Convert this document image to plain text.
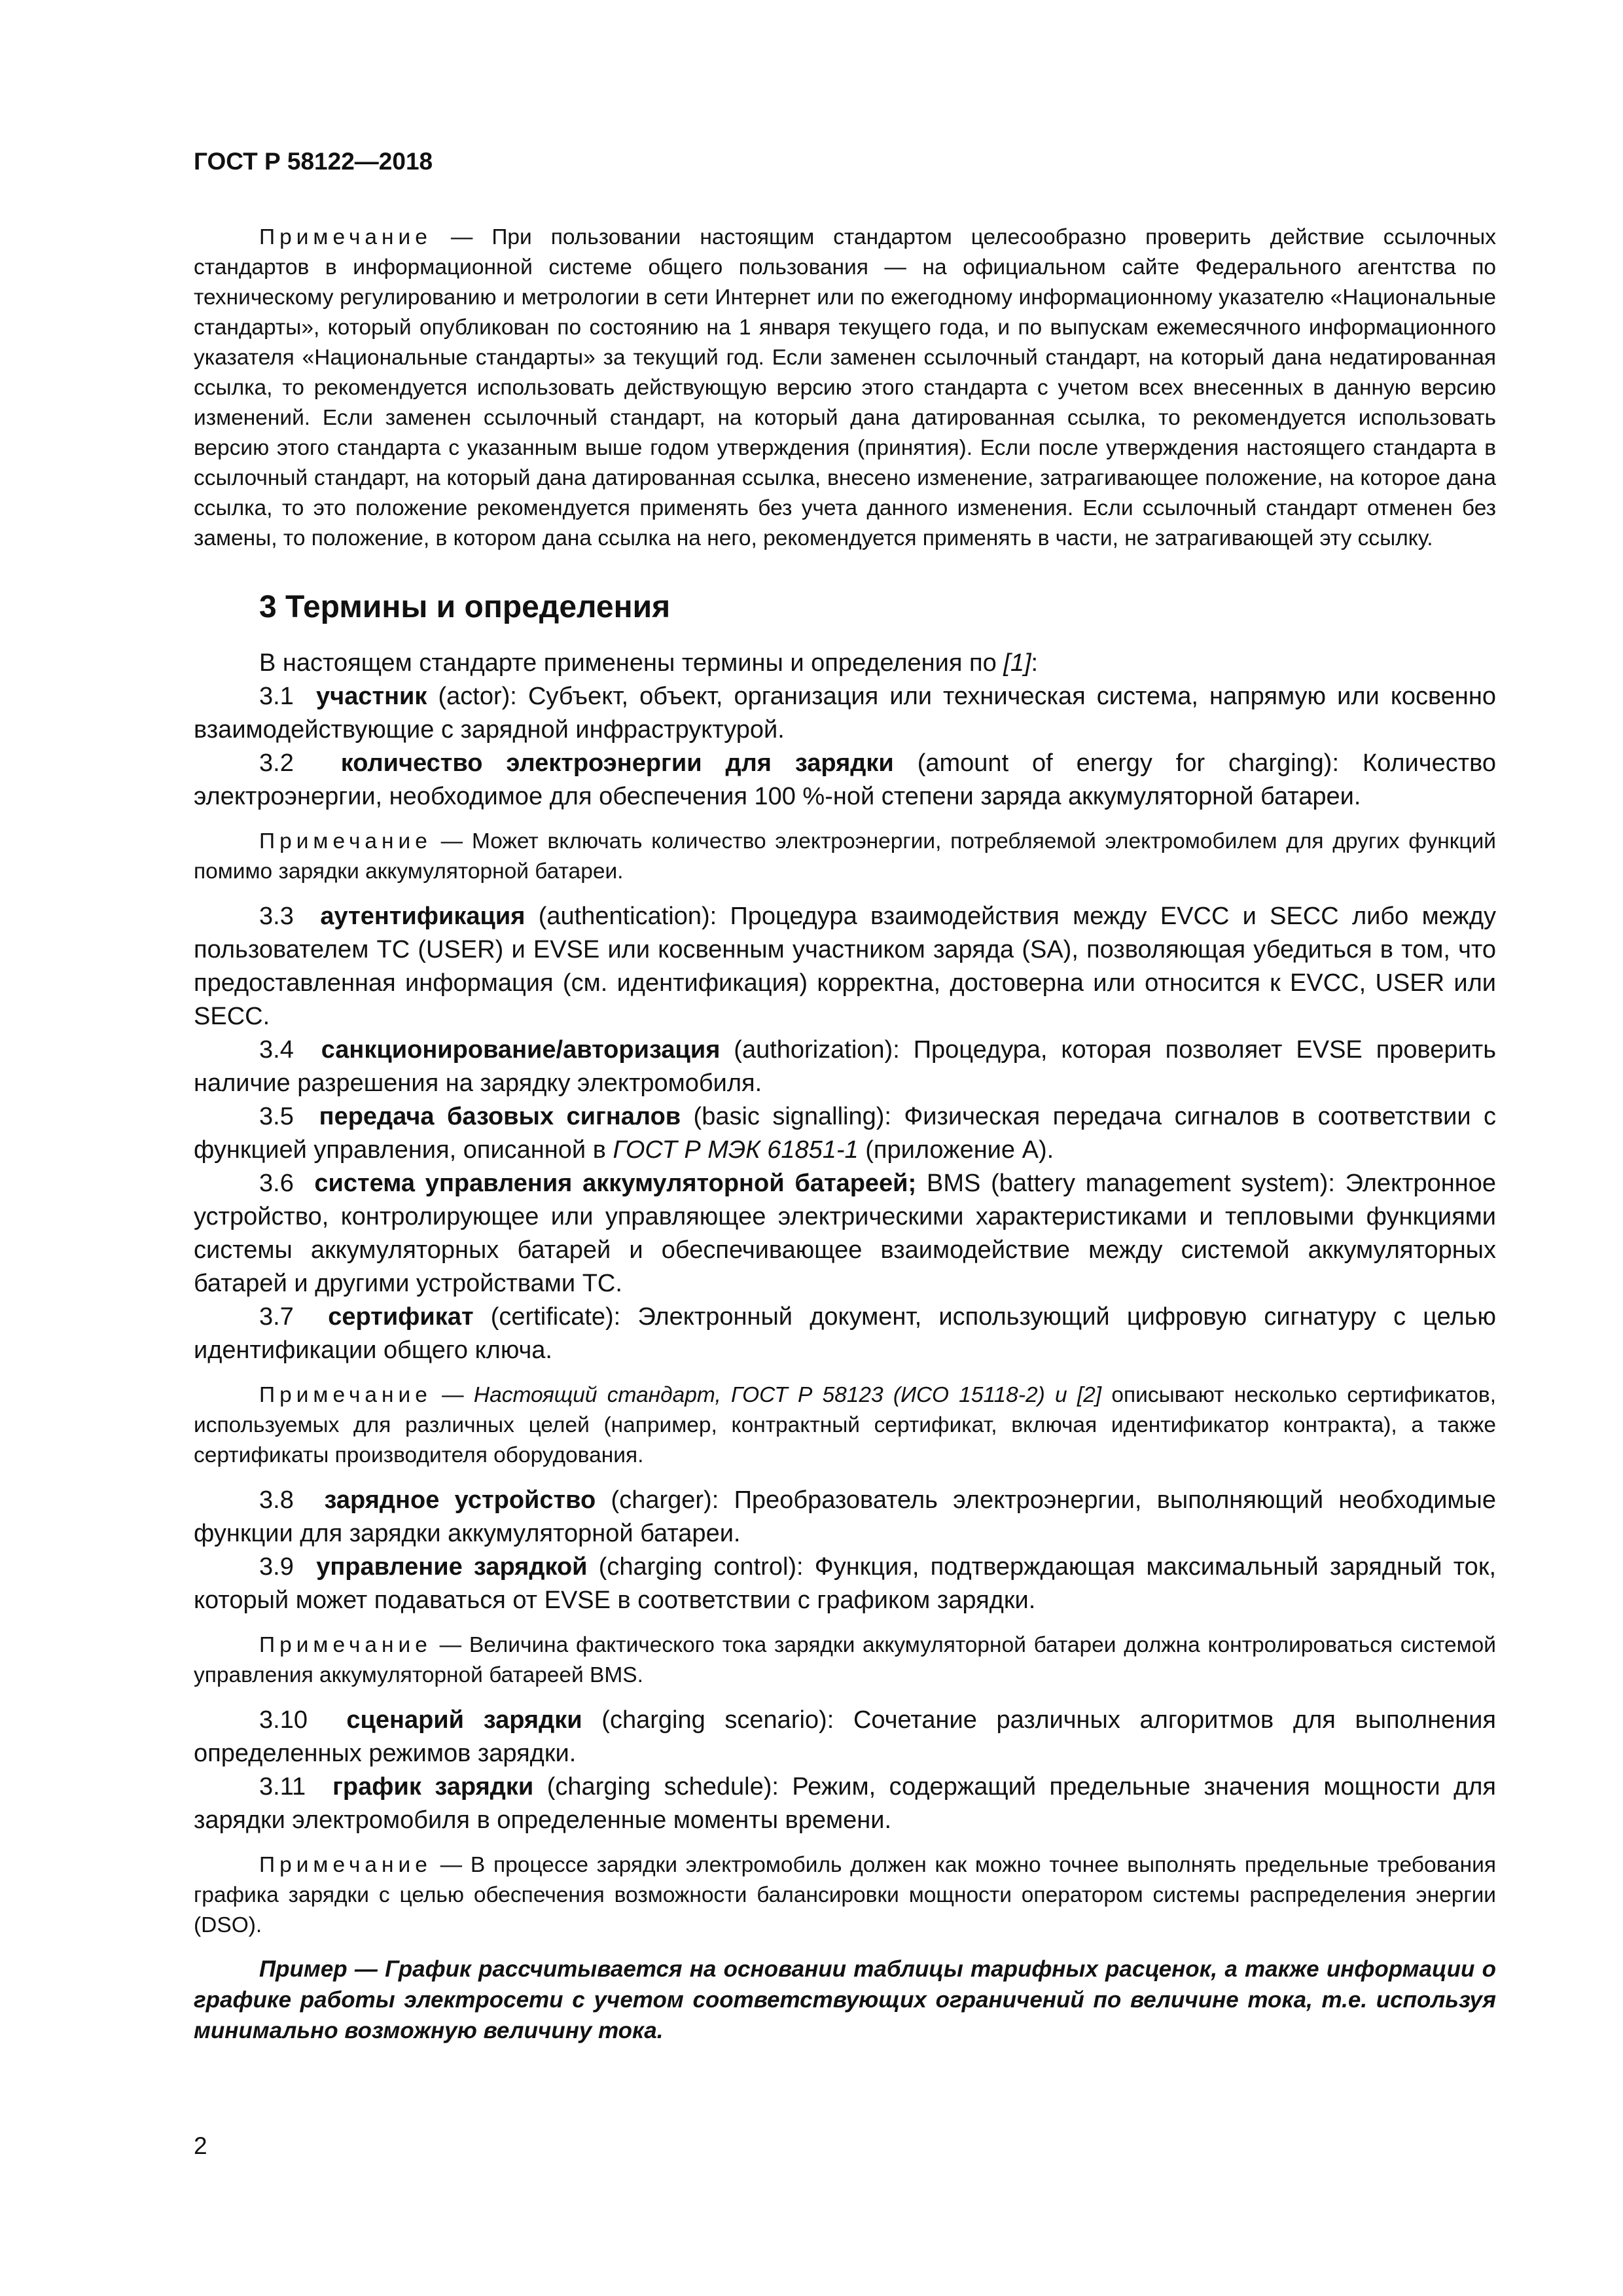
ГОСТ Р 58122—2018

Примечание — При пользовании настоящим стандартом целесообразно проверить действие ссылочных стандартов в информационной системе общего пользования — на официальном сайте Федерального агентства по техническому регулированию и метрологии в сети Интернет или по ежегодному информационному указателю «Национальные стандарты», который опубликован по состоянию на 1 января текущего года, и по выпускам ежемесячного информационного указателя «Национальные стандарты» за текущий год. Если заменен ссылочный стандарт, на который дана недатированная ссылка, то рекомендуется использовать действующую версию этого стандарта с учетом всех внесенных в данную версию изменений. Если заменен ссылочный стандарт, на который дана датированная ссылка, то рекомендуется использовать версию этого стандарта с указанным выше годом утверждения (принятия). Если после утверждения настоящего стандарта в ссылочный стандарт, на который дана датированная ссылка, внесено изменение, затрагивающее положение, на которое дана ссылка, то это положение рекомендуется применять без учета данного изменения. Если ссылочный стандарт отменен без замены, то положение, в котором дана ссылка на него, рекомендуется применять в части, не затрагивающей эту ссылку.

3 Термины и определения

В настоящем стандарте применены термины и определения по [1]:

3.1 участник (actor): Субъект, объект, организация или техническая система, напрямую или косвенно взаимодействующие с зарядной инфраструктурой.

3.2 количество электроэнергии для зарядки (amount of energy for charging): Количество электроэнергии, необходимое для обеспечения 100 %-ной степени заряда аккумуляторной батареи.

Примечание — Может включать количество электроэнергии, потребляемой электромобилем для других функций помимо зарядки аккумуляторной батареи.

3.3 аутентификация (authentication): Процедура взаимодействия между EVCC и SECC либо между пользователем ТС (USER) и EVSE или косвенным участником заряда (SA), позволяющая убедиться в том, что предоставленная информация (см. идентификация) корректна, достоверна или относится к EVCC, USER или SECC.

3.4 санкционирование/авторизация (authorization): Процедура, которая позволяет EVSE проверить наличие разрешения на зарядку электромобиля.

3.5 передача базовых сигналов (basic signalling): Физическая передача сигналов в соответствии с функцией управления, описанной в ГОСТ Р МЭК 61851-1 (приложение А).

3.6 система управления аккумуляторной батареей; BMS (battery management system): Электронное устройство, контролирующее или управляющее электрическими характеристиками и тепловыми функциями системы аккумуляторных батарей и обеспечивающее взаимодействие между системой аккумуляторных батарей и другими устройствами ТС.

3.7 сертификат (certificate): Электронный документ, использующий цифровую сигнатуру с целью идентификации общего ключа.

Примечание — Настоящий стандарт, ГОСТ Р 58123 (ИСО 15118-2) и [2] описывают несколько сертификатов, используемых для различных целей (например, контрактный сертификат, включая идентификатор контракта), а также сертификаты производителя оборудования.

3.8 зарядное устройство (charger): Преобразователь электроэнергии, выполняющий необходимые функции для зарядки аккумуляторной батареи.

3.9 управление зарядкой (charging control): Функция, подтверждающая максимальный зарядный ток, который может подаваться от EVSE в соответствии с графиком зарядки.

Примечание — Величина фактического тока зарядки аккумуляторной батареи должна контролироваться системой управления аккумуляторной батареей BMS.

3.10 сценарий зарядки (charging scenario): Сочетание различных алгоритмов для выполнения определенных режимов зарядки.

3.11 график зарядки (charging schedule): Режим, содержащий предельные значения мощности для зарядки электромобиля в определенные моменты времени.

Примечание — В процессе зарядки электромобиль должен как можно точнее выполнять предельные требования графика зарядки с целью обеспечения возможности балансировки мощности оператором системы распределения энергии (DSO).

Пример — График рассчитывается на основании таблицы тарифных расценок, а также информации о графике работы электросети с учетом соответствующих ограничений по величине тока, т.е. используя минимально возможную величину тока.

2
